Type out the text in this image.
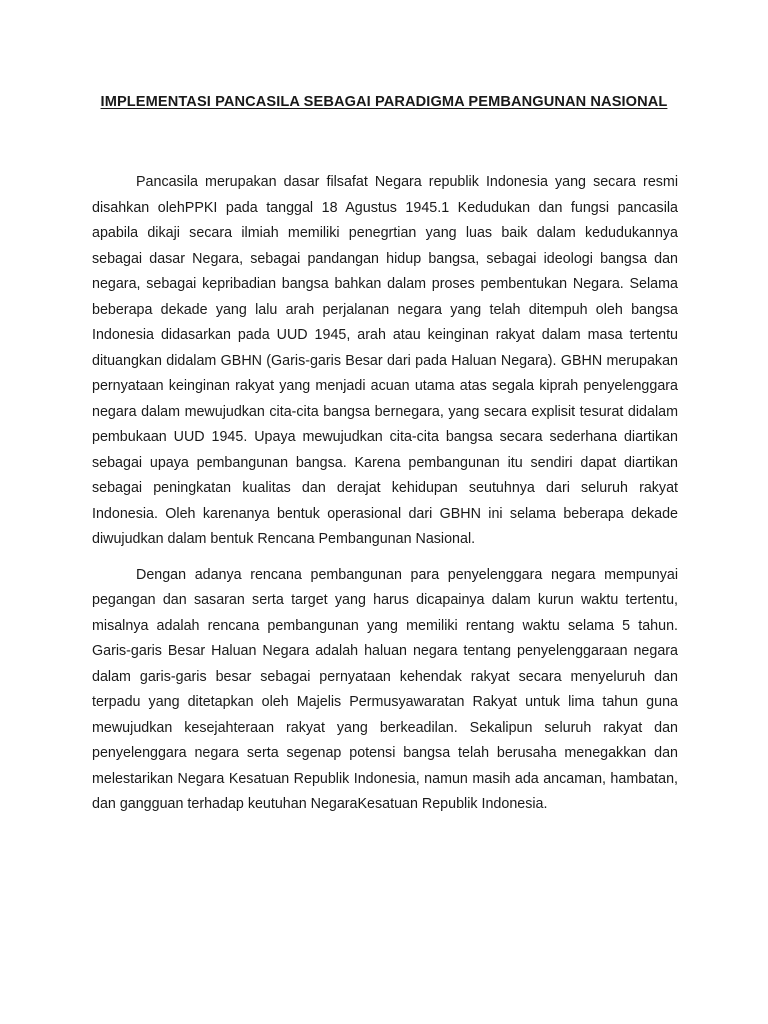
IMPLEMENTASI PANCASILA SEBAGAI PARADIGMA PEMBANGUNAN NASIONAL

Pancasila merupakan dasar filsafat Negara republik Indonesia yang secara resmi disahkan olehPPKI pada tanggal 18 Agustus 1945.1 Kedudukan dan fungsi pancasila apabila dikaji secara ilmiah memiliki penegrtian yang luas baik dalam kedudukannya sebagai dasar Negara, sebagai pandangan hidup bangsa, sebagai ideologi bangsa dan negara, sebagai kepribadian bangsa bahkan dalam proses pembentukan Negara. Selama beberapa dekade yang lalu arah perjalanan negara yang telah ditempuh oleh bangsa Indonesia didasarkan pada UUD 1945, arah atau keinginan rakyat dalam masa tertentu dituangkan didalam GBHN (Garis-garis Besar dari pada Haluan Negara). GBHN merupakan pernyataan keinginan rakyat yang menjadi acuan utama atas segala kiprah penyelenggara negara dalam mewujudkan cita-cita bangsa bernegara, yang secara explisit tesurat didalam pembukaan UUD 1945. Upaya mewujudkan cita-cita bangsa secara sederhana diartikan sebagai upaya pembangunan bangsa. Karena pembangunan itu sendiri dapat diartikan sebagai peningkatan kualitas dan derajat kehidupan seutuhnya dari seluruh rakyat Indonesia. Oleh karenanya bentuk operasional dari GBHN ini selama beberapa dekade diwujudkan dalam bentuk Rencana Pembangunan Nasional.

Dengan adanya rencana pembangunan para penyelenggara negara mempunyai pegangan dan sasaran serta target yang harus dicapainya dalam kurun waktu tertentu, misalnya adalah rencana pembangunan yang memiliki rentang waktu selama 5 tahun. Garis-garis Besar Haluan Negara adalah haluan negara tentang penyelenggaraan negara dalam garis-garis besar sebagai pernyataan kehendak rakyat secara menyeluruh dan terpadu yang ditetapkan oleh Majelis Permusyawaratan Rakyat untuk lima tahun guna mewujudkan kesejahteraan rakyat yang berkeadilan. Sekalipun seluruh rakyat dan penyelenggara negara serta segenap potensi bangsa telah berusaha menegakkan dan melestarikan Negara Kesatuan Republik Indonesia, namun masih ada ancaman, hambatan, dan gangguan terhadap keutuhan NegaraKesatuan Republik Indonesia.
